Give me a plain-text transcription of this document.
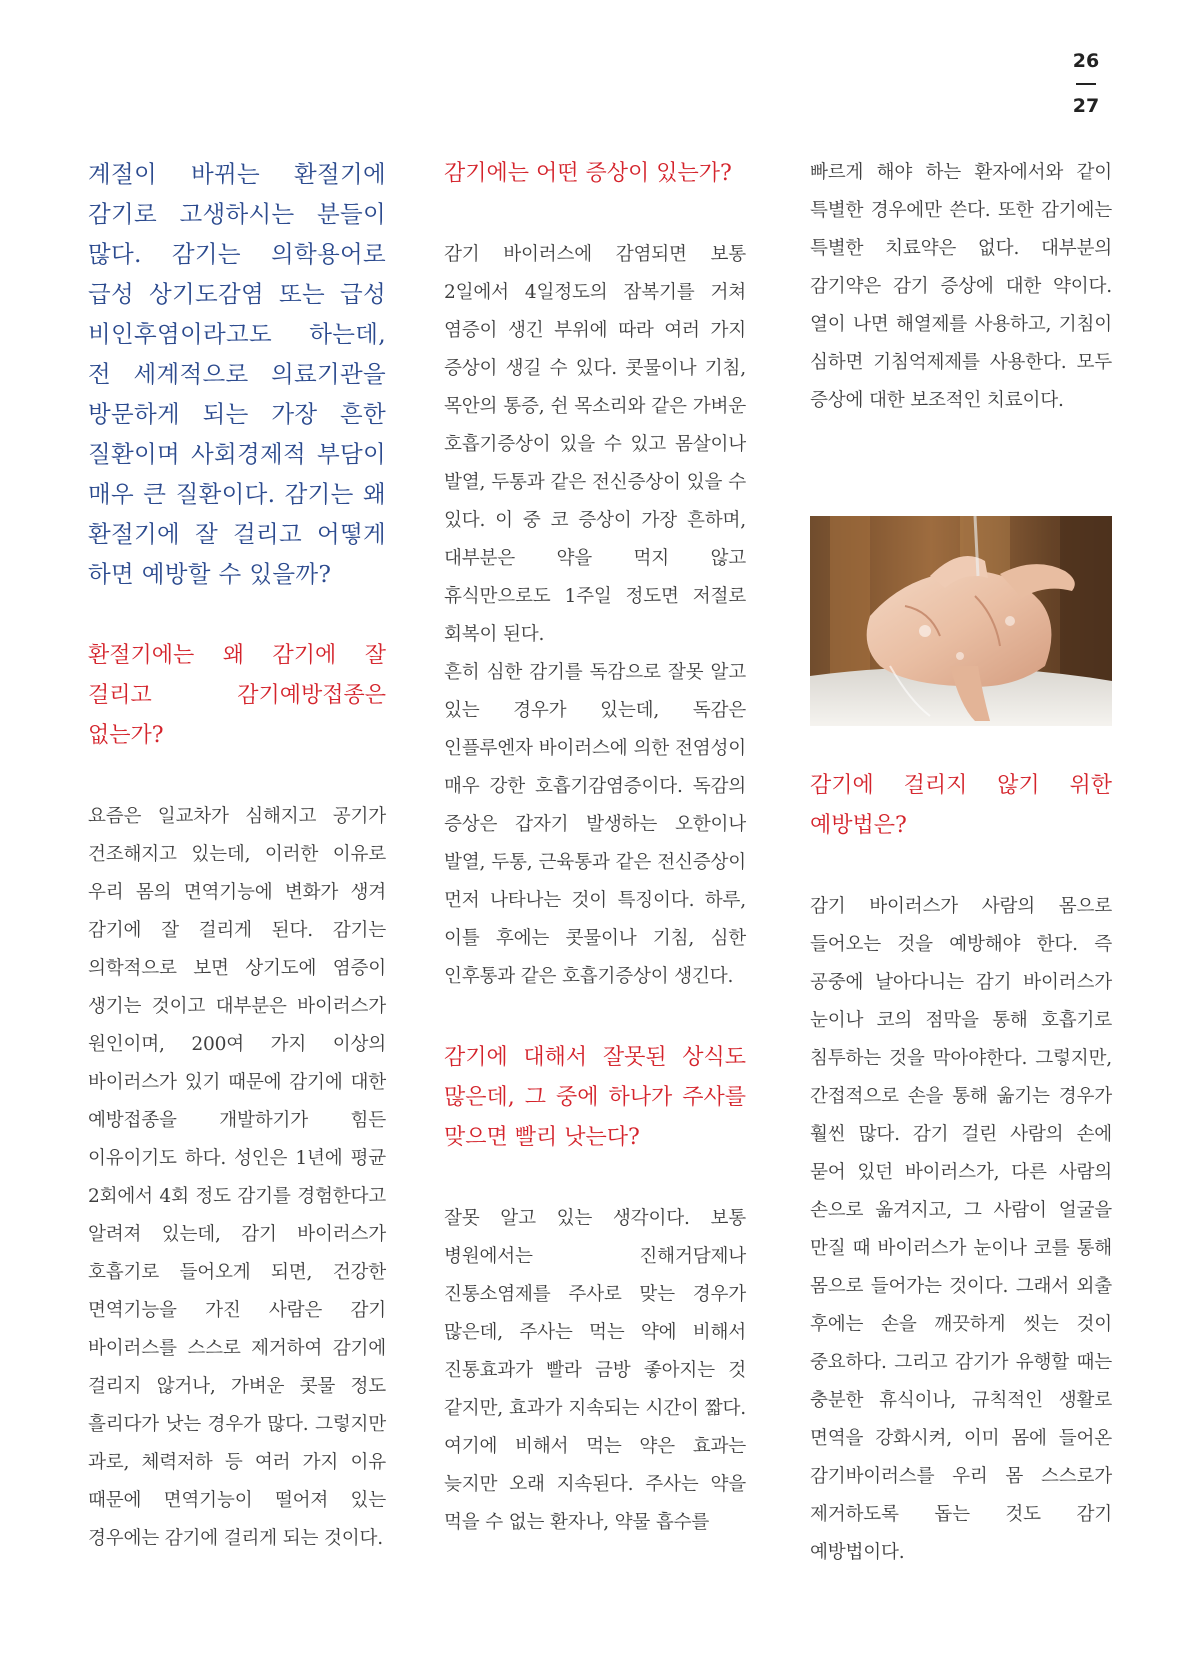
26
27

계절이 바뀌는 환절기에 감기로 고생하시는 분들이 많다. 감기는 의학용어로 급성 상기도감염 또는 급성 비인후염이라고도 하는데, 전 세계적으로 의료기관을 방문하게 되는 가장 흔한 질환이며 사회경제적 부담이 매우 큰 질환이다. 감기는 왜 환절기에 잘 걸리고 어떻게 하면 예방할 수 있을까?

환절기에는 왜 감기에 잘 걸리고 감기예방접종은 없는가?

요즘은 일교차가 심해지고 공기가 건조해지고 있는데, 이러한 이유로 우리 몸의 면역기능에 변화가 생겨 감기에 잘 걸리게 된다. 감기는 의학적으로 보면 상기도에 염증이 생기는 것이고 대부분은 바이러스가 원인이며, 200여 가지 이상의 바이러스가 있기 때문에 감기에 대한 예방접종을 개발하기가 힘든 이유이기도 하다. 성인은 1년에 평균 2회에서 4회 정도 감기를 경험한다고 알려져 있는데, 감기 바이러스가 호흡기로 들어오게 되면, 건강한 면역기능을 가진 사람은 감기 바이러스를 스스로 제거하여 감기에 걸리지 않거나, 가벼운 콧물 정도 흘리다가 낫는 경우가 많다. 그렇지만 과로, 체력저하 등 여러 가지 이유 때문에 면역기능이 떨어져 있는 경우에는 감기에 걸리게 되는 것이다.

감기에는 어떤 증상이 있는가?

감기 바이러스에 감염되면 보통 2일에서 4일정도의 잠복기를 거쳐 염증이 생긴 부위에 따라 여러 가지 증상이 생길 수 있다. 콧물이나 기침, 목안의 통증, 쉰 목소리와 같은 가벼운 호흡기증상이 있을 수 있고 몸살이나 발열, 두통과 같은 전신증상이 있을 수 있다. 이 중 코 증상이 가장 흔하며, 대부분은 약을 먹지 않고 휴식만으로도 1주일 정도면 저절로 회복이 된다.

흔히 심한 감기를 독감으로 잘못 알고 있는 경우가 있는데, 독감은 인플루엔자 바이러스에 의한 전염성이 매우 강한 호흡기감염증이다. 독감의 증상은 갑자기 발생하는 오한이나 발열, 두통, 근육통과 같은 전신증상이 먼저 나타나는 것이 특징이다. 하루, 이틀 후에는 콧물이나 기침, 심한 인후통과 같은 호흡기증상이 생긴다.

감기에 대해서 잘못된 상식도 많은데, 그 중에 하나가 주사를 맞으면 빨리 낫는다?

잘못 알고 있는 생각이다. 보통 병원에서는 진해거담제나 진통소염제를 주사로 맞는 경우가 많은데, 주사는 먹는 약에 비해서 진통효과가 빨라 금방 좋아지는 것 같지만, 효과가 지속되는 시간이 짧다. 여기에 비해서 먹는 약은 효과는 늦지만 오래 지속된다. 주사는 약을 먹을 수 없는 환자나, 약물 흡수를

빠르게 해야 하는 환자에서와 같이 특별한 경우에만 쓴다. 또한 감기에는 특별한 치료약은 없다. 대부분의 감기약은 감기 증상에 대한 약이다. 열이 나면 해열제를 사용하고, 기침이 심하면 기침억제제를 사용한다. 모두 증상에 대한 보조적인 치료이다.

감기에 걸리지 않기 위한 예방법은?

감기 바이러스가 사람의 몸으로 들어오는 것을 예방해야 한다. 즉 공중에 날아다니는 감기 바이러스가 눈이나 코의 점막을 통해 호흡기로 침투하는 것을 막아야한다. 그렇지만, 간접적으로 손을 통해 옮기는 경우가 훨씬 많다. 감기 걸린 사람의 손에 묻어 있던 바이러스가, 다른 사람의 손으로 옮겨지고, 그 사람이 얼굴을 만질 때 바이러스가 눈이나 코를 통해 몸으로 들어가는 것이다. 그래서 외출 후에는 손을 깨끗하게 씻는 것이 중요하다. 그리고 감기가 유행할 때는 충분한 휴식이나, 규칙적인 생활로 면역을 강화시켜, 이미 몸에 들어온 감기바이러스를 우리 몸 스스로가 제거하도록 돕는 것도 감기 예방법이다.
